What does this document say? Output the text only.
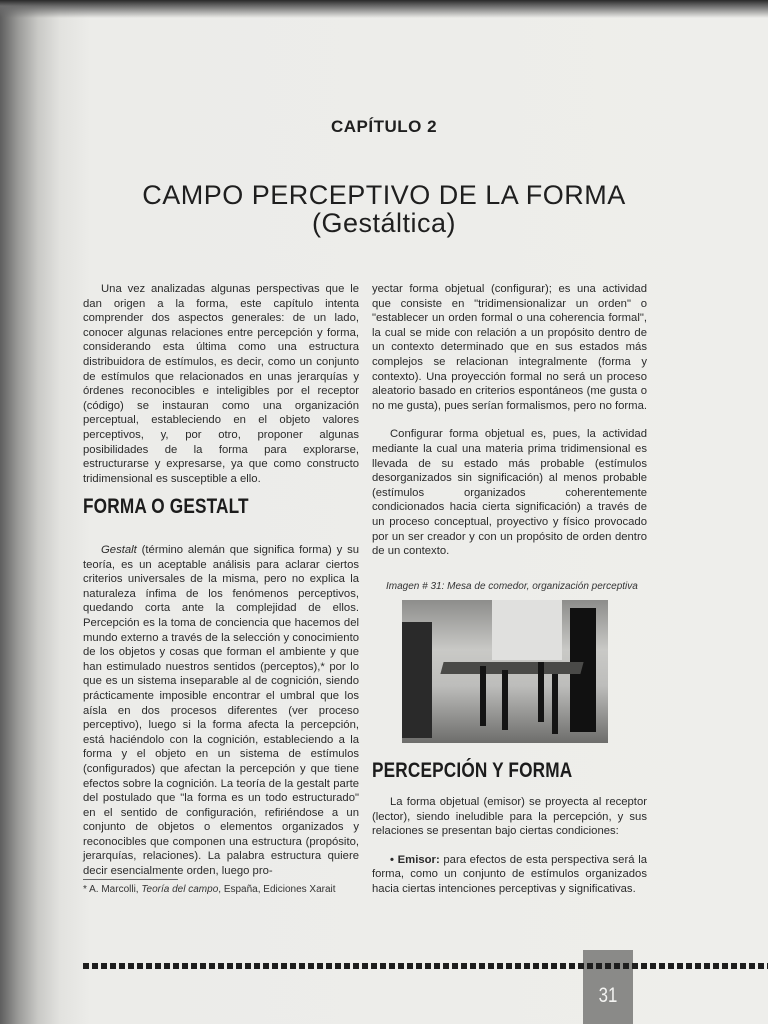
CAPÍTULO 2
CAMPO PERCEPTIVO DE LA FORMA
(Gestáltica)

Una vez analizadas algunas perspectivas que le dan origen a la forma, este capítulo intenta comprender dos aspectos generales: de un lado, conocer algunas relaciones entre percepción y forma, considerando esta última como una estructura distribuidora de estímulos, es decir, como un conjunto de estímulos que relacionados en unas jerarquías y órdenes reconocibles e inteligibles por el receptor (código) se instauran como una organización perceptual, estableciendo en el objeto valores perceptivos, y, por otro, proponer algunas posibilidades de la forma para explorarse, estructurarse y expresarse, ya que como constructo tridimensional es susceptible a ello.

FORMA O GESTALT

Gestalt (término alemán que significa forma) y su teoría, es un aceptable análisis para aclarar ciertos criterios universales de la misma, pero no explica la naturaleza ínfima de los fenómenos perceptivos, quedando corta ante la complejidad de ellos. Percepción es la toma de conciencia que hacemos del mundo externo a través de la selección y conocimiento de los objetos y cosas que forman el ambiente y que han estimulado nuestros sentidos (perceptos),* por lo que es un sistema inseparable al de cognición, siendo prácticamente imposible encontrar el umbral que los aísla en dos procesos diferentes (ver proceso perceptivo), luego si la forma afecta la percepción, está haciéndolo con la cognición, estableciendo a la forma y el objeto en un sistema de estímulos (configurados) que afectan la percepción y que tiene efectos sobre la cognición. La teoría de la gestalt parte del postulado que "la forma es un todo estructurado" en el sentido de configuración, refiriéndose a un conjunto de objetos o elementos organizados y reconocibles que componen una estructura (propósito, jerarquías, relaciones). La palabra estructura quiere decir esencialmente orden, luego pro-

* A. Marcolli, Teoría del campo, España, Ediciones Xarait

yectar forma objetual (configurar); es una actividad que consiste en "tridimensionalizar un orden" o "establecer un orden formal o una coherencia formal", la cual se mide con relación a un propósito dentro de un contexto determinado que en sus estados más complejos se relacionan integralmente (forma y contexto). Una proyección formal no será un proceso aleatorio basado en criterios espontáneos (me gusta o no me gusta), pues serían formalismos, pero no forma.

Configurar forma objetual es, pues, la actividad mediante la cual una materia prima tridimensional es llevada de su estado más probable (estímulos desorganizados sin significación) al menos probable (estímulos organizados coherentemente condicionados hacia cierta significación) a través de un proceso conceptual, proyectivo y físico provocado por un ser creador y con un propósito de orden dentro de un contexto.

Imagen # 31: Mesa de comedor, organización perceptiva
PERCEPCIÓN Y FORMA

La forma objetual (emisor) se proyecta al receptor (lector), siendo ineludible para la percepción, y sus relaciones se presentan bajo ciertas condiciones:

• Emisor: para efectos de esta perspectiva será la forma, como un conjunto de estímulos organizados hacia ciertas intenciones perceptivas y significativas.

31
